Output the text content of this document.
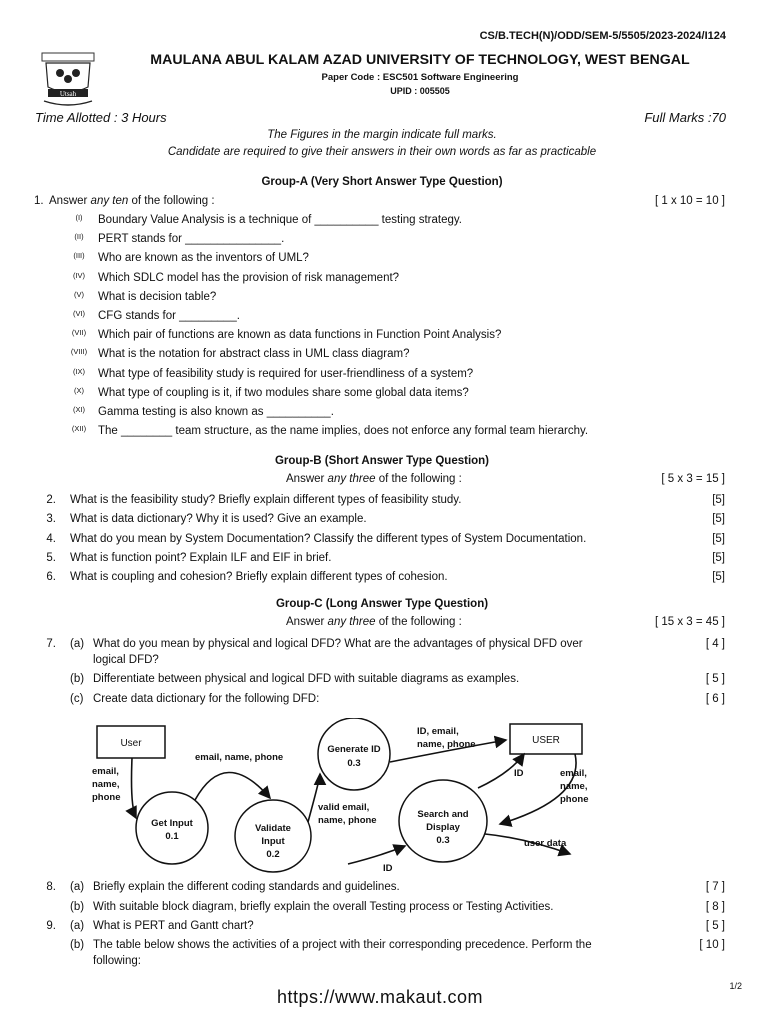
CS/B.TECH(N)/ODD/SEM-5/5505/2023-2024/I124
Utsah
MAULANA ABUL KALAM AZAD UNIVERSITY OF TECHNOLOGY, WEST BENGAL
Paper Code : ESC501 Software Engineering
UPID : 005505
Time Allotted : 3 Hours	Full Marks :70
The Figures in the margin indicate full marks.
Candidate are required to give their answers in their own words as far as practicable
Group-A (Very Short Answer Type Question)
1. Answer any ten of the following :	[ 1 x 10 = 10 ]
(I)	Boundary Value Analysis is a technique of __________ testing strategy.
(II)	PERT stands for _______________.
(III)	Who are known as the inventors of UML?
(IV)	Which SDLC model has the provision of risk management?
(V)	What is decision table?
(VI)	CFG stands for _________.
(VII)	Which pair of functions are known as data functions in Function Point Analysis?
(VIII) What is the notation for abstract class in UML class diagram?
(IX)	What type of feasibility study is required for user-friendliness of a system?
(X)	What type of coupling is it, if two modules share some global data items?
(XI)	Gamma testing is also known as __________.
(XII)	The ________ team structure, as the name implies, does not enforce any formal team hierarchy.
Group-B (Short Answer Type Question)
Answer any three of the following :	[ 5 x 3 = 15 ]
2. What is the feasibility study? Briefly explain different types of feasibility study.	[5]
3. What is data dictionary? Why it is used? Give an example.	[5]
4. What do you mean by System Documentation? Classify the different types of System Documentation.	[5]
5. What is function point? Explain ILF and EIF in brief.	[5]
6. What is coupling and cohesion? Briefly explain different types of cohesion.	[5]
Group-C (Long Answer Type Question)
Answer any three of the following :	[ 15 x 3 = 45 ]
7. (a) What do you mean by physical and logical DFD? What are the advantages of physical DFD over	[ 4 ]
logical DFD?
(b) Differentiate between physical and logical DFD with suitable diagrams as examples.	[ 5 ]
(c) Create data dictionary for the following DFD:	[ 6 ]
User	USER
Generate ID
0.3
Get Input
0.1
Validate
Input
0.2
Search and
Display
0.3
email, name, phone
email,
name,
phone
ID, email,
name, phone
valid email,
name, phone
ID	email,
name,
phone
user data
ID
8. (a) Briefly explain the different coding standards and guidelines.	[ 7 ]
(b) With suitable block diagram, briefly explain the overall Testing process or Testing Activities.	[ 8 ]
9. (a) What is PERT and Gantt chart?	[ 5 ]
(b) The table below shows the activities of a project with their corresponding precedence. Perform the	[ 10 ]
following:
1/2
https://www.makaut.com
